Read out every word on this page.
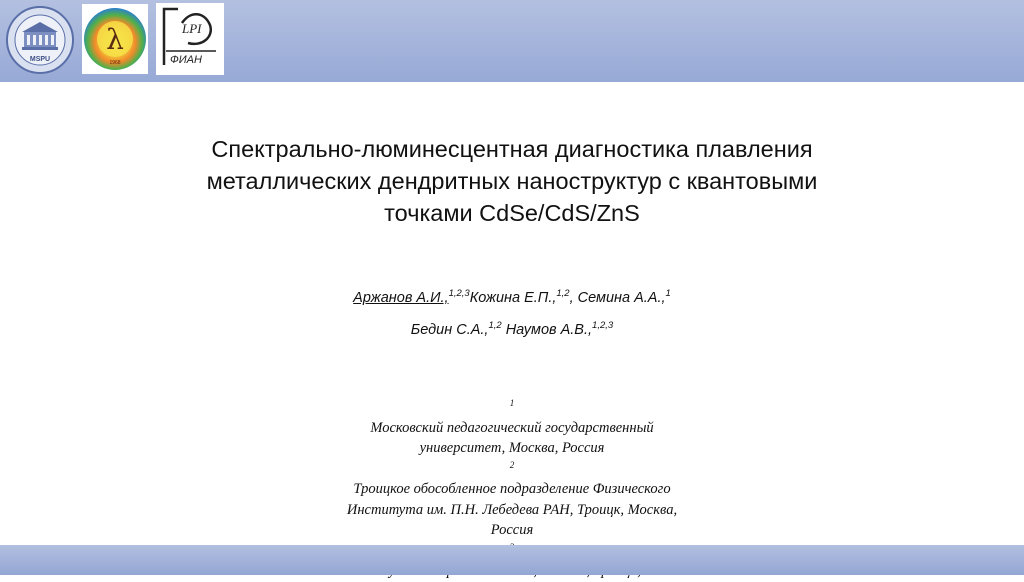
MSPU
λ
1968
LPI
ФИАН
Спектрально-люминесцентная диагностика плавления
металлических дендритных наноструктур с квантовыми
точками CdSe/CdS/ZnS
Аржанов А.И.,$^{1,2,3}$Кожина Е.П.,$^{1,2}$, Семина А.А.,$^1$
Бедин С.А.,$^{1,2}$ Наумов А.В.,$^{1,2,3}$
$^1$
Московский педагогический государственный
университет, Москва, Россия
$^2$
Троицкое обособленное подразделение Физического
Института им. П.Н. Лебедева РАН, Троицк, Москва,
Россия
